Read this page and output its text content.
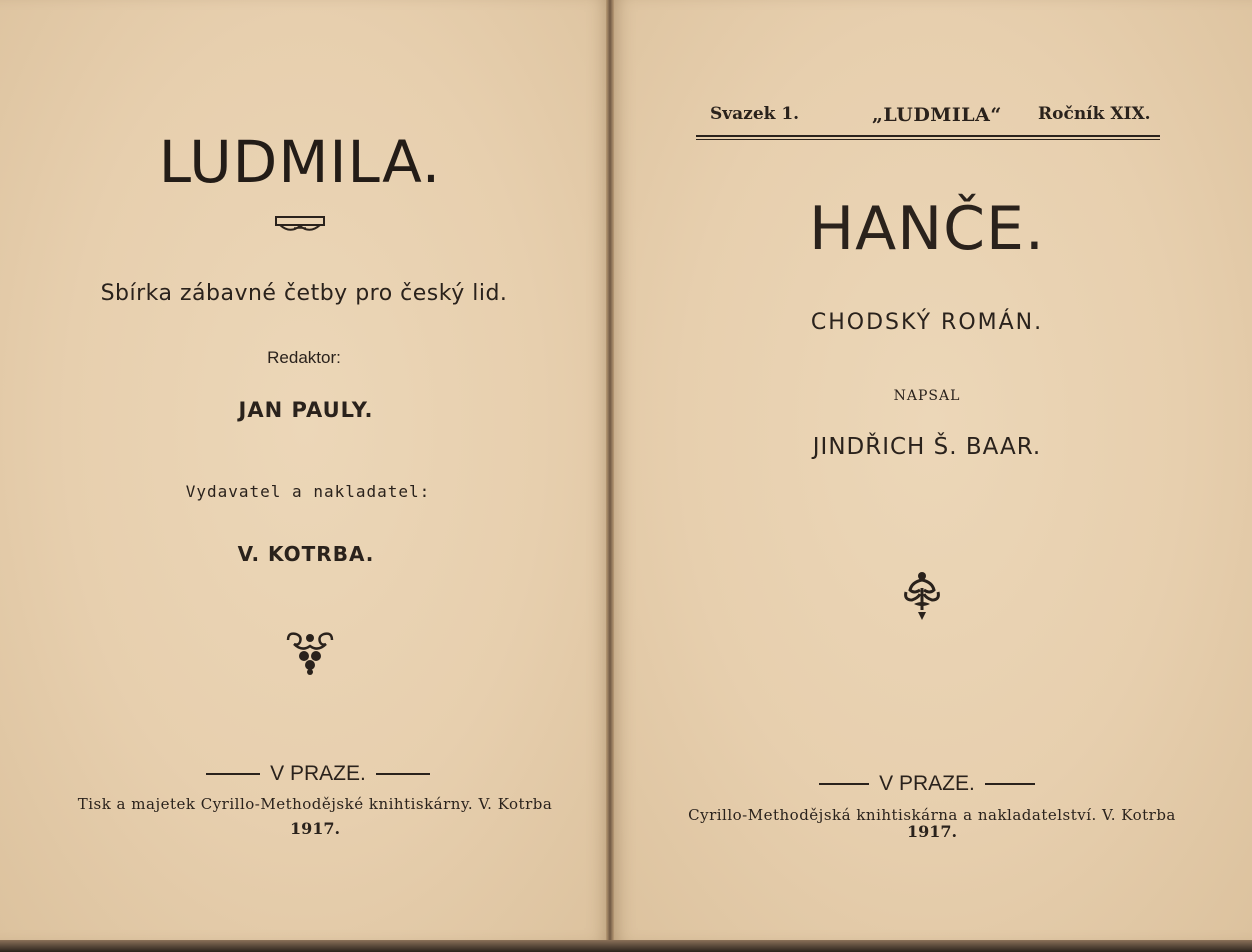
LUDMILA.
Sbírka zábavné četby pro český lid.
Redaktor:
JAN PAULY.
Vydavatel a nakladatel:
V. KOTRBA.
V PRAZE.
Tisk a majetek Cyrillo-Methodějské knihtiskárny. V. Kotrba
1917.
Svazek 1.	„LUDMILA“ Ročník XIX.
HANČE.
CHODSKÝ ROMÁN.
NAPSAL
JINDŘICH Š. BAAR.
V PRAZE.
Cyrillo-Methodějská knihtiskárna a nakladatelství. V. Kotrba
1917.
